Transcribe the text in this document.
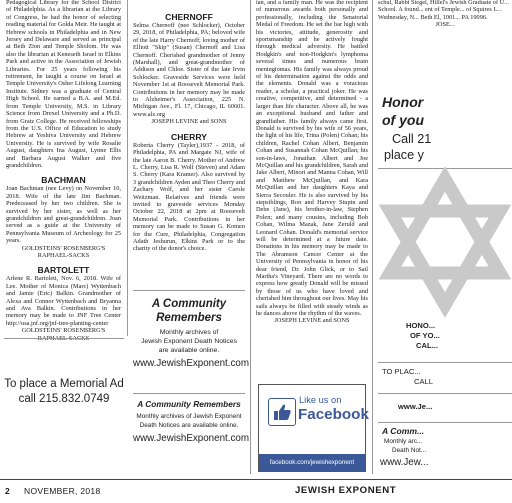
Pedagogical Library for the School District of Philadelphia. As a librarian at the Library of Congress, he had the honor of selecting reading material for Golda Meir. He taught at Hebrew schools in Philadelphia and in New Jersey and Delaware and served as principal at Beth Zion and Temple Sholom. He was also the librarian at Keneseth Israel in Elkins Park and active in the Association of Jewish Libraries. For 25 years following his retirement, he taught a course on Israel at Temple University's Osher Lifelong Learning Institute. Sidney was a graduate of Central High School. He earned a B.A. and M.Ed. from Temple University, M.S. in Library Science from Drexel University and a Ph.D. from Gratz College. He received fellowships from the U.S. Office of Education to study Hebrew at Yeshiva University and Hebrew University. He is survived by wife Rosalie August, daughters Ina August, Lynne Ellis and Barbara August Walker and five grandchildren.

BACHMAN

Joan Bachman (nee Levy) on November 10, 2018. Wife of the late Jim Bachman. Predeceased by her two children. She is survived by her sister, as well as her grandchildren and great-grandchildren. Joan served as a guide at the University of Pennsylvania Museum of Archeology for 25 years.

GOLDSTEINS' ROSENBERG'S RAPHAEL-SACKS

BARTOLETT

Arlene R. Bartolett, Nov. 6, 2018. Wife of Lee. Mother of Monica (Marc) Wyttenbach and Jamie (Eric) Balkin. Grandmother of Alexa and Connor Wyttenbach and Bryanna and Ava Balkin. Contributions in her memory may be made to JNF Tree Center http://usa.jnf.org/jnf-tree-planting-center

GOLDSTEINS' ROSENBERG'S RAPHAEL-SACKS

To place a Memorial Ad
call 215.832.0749

CHERNOFF

Selma Chernoff (nee Schlocker), October 29, 2018, of Philadelphia, PA; beloved wife of the late Harry Chernoff; loving mother of Elliott "Skip" (Susan) Chernoff and Lisa Chernoff. Cherished grandmother of Jenny (Marshall), and great-grandmother of Addison and Chloe. Sister of the late Irvin Schlocker. Graveside Services were held November 1st at Roosevelt Memorial Park. Contributions in her memory may be made to Alzheimer's Association, 225 N. Michigan Ave., Fl. 17, Chicago, IL 60601. www.alz.org

JOSEPH LEVINE and SONS

CHERRY

Roberta Cherry (Tayler),1937 - 2018, of Philadelphia, PA and Margate NJ, wife of the late Aaron B. Cherry. Mother of Andrew L. Cherry, Lisa R. Wolf (Steven) and Adam S. Cherry (Kara Kramer). Also survived by 3 grandchildren Ayden and Theo Cherry and Zachary Wolf, and her sister Carole Weitzman. Relatives and friends were invited to graveside services Monday October 22, 2018 at 2pm at Roosevelt Memorial Park. Contributions in her memory can be made to Susan G. Komen for the Cure, Philadelphia, Congregation Adath Jeshurun, Elkins Park or to the charity of the donor's choice.

A Community
Remembers
Monthly archives of
Jewish Exponent Death Notices
are available online.
www.JewishExponent.com
A Community Remembers
Monthly archives of Jewish Exponent
Death Notices are available online.
www.JewishExponent.com

ian, and a family man. He was the recipient of numerous awards both personally and professionally, including the Senatorial Medal of Freedom. He set the bar high with his victories, attitude, generosity and sportsmanship and he actively fought through medical adversity. He battled Hodgkin's and non-Hodgkin's lymphoma several times and numerous brain meningiomas. His family was always proud of his determination against the odds and the elements. Donald was a voracious reader, a scholar, a practical joker. He was creative, competitive, and determined - a larger than life character. Above all, he was an exceptional husband and father and grandfather. His family always came first. Donald is survived by his wife of 56 years, the light of his life, Trina (Polen) Cohan; his children, Rachel Cohan Albert, Benjamin Cohan and Susannah Cohan McQuillan; his son-in-laws, Jonathan Albert and Joe McQuillan and his grandchildren, Sarah and Jake Albert, Minori and Manna Cohan, Will and Matthew McQuillan, and Kara McQuillan and her daughters Kaya and Sierra Secouler. He is also survived by his stepsiblings, Ron and Harvey Stupin and Debe (Jane), his brother-in-law, Stephen Polen; and many cousins, including Bob Cohan, Wilma Mazak, Jane Zeruld and Leonard Cohan. Donald's memorial service will be determined at a future date. Donations in his memory may be made to The Abramson Cancer Center at the University of Pennsylvania in honor of his dear friend, Dr. John Glick, or to Sail Martha's Vineyard. There are no words to express how greatly Donald will be missed by those of us who have loved and cherished him throughout our lives. May his sails always be filled with steady winds as he dances above the rhythm of the waves.

JOSEPH LEVINE and SONS

Like us on
Facebook
facebook.com/jewishexponent

schul, Rabbi Siegel, Hillel's Jewish Graduate of U... School. A found... ent of Temple... of Squires L... Wednesday, N... Beth El, 1001... PA 19096.

JOSE...

Honor
of you
Call 21
place y
HONO...
OF YO...
CAL...
TO PLAC...
CALL
www.Je...
A Comm...
Monthly arc...
Death Not...
www.Jew...
2 NOVEMBER, 2018	JEWISH EXPONENT
